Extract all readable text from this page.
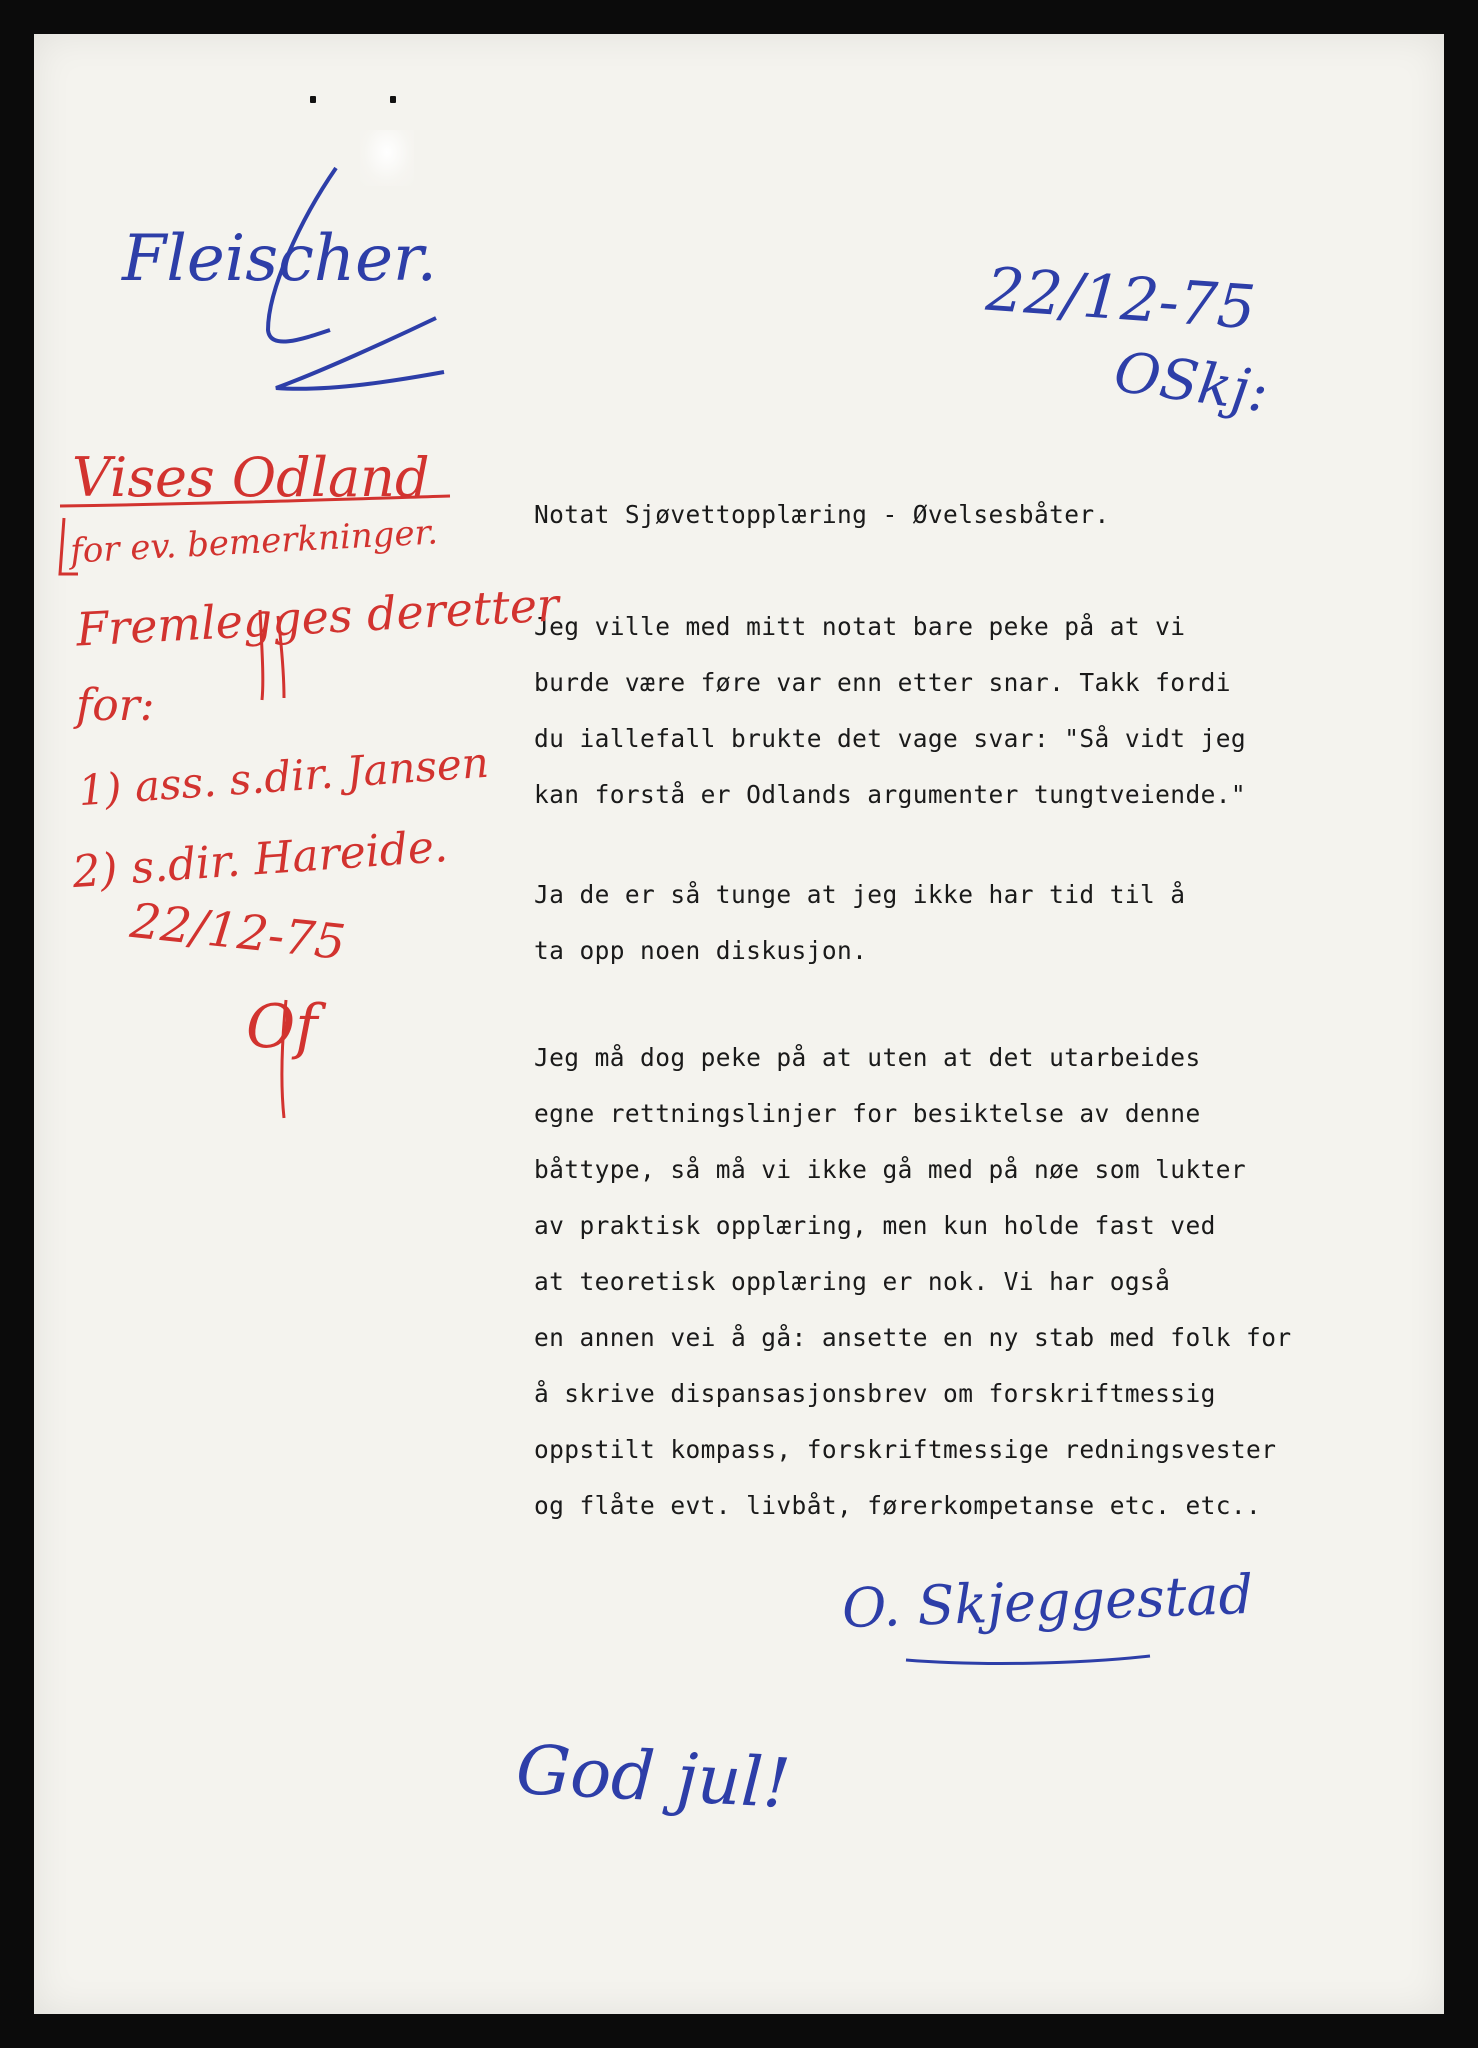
Notat Sjøvettopplæring - Øvelsesbåter.

Jeg ville med mitt notat bare peke på at vi

burde være føre var enn etter snar. Takk fordi

du iallefall brukte det vage svar: "Så vidt jeg

kan forstå er Odlands argumenter tungtveiende."

Ja de er så tunge at jeg ikke har tid til å

ta opp noen diskusjon.

Jeg må dog peke på at uten at det utarbeides

egne rettningslinjer for besiktelse av denne

båttype, så må vi ikke gå med på nøe som lukter

av praktisk opplæring, men kun holde fast ved

at teoretisk opplæring er nok. Vi har også

en annen vei å gå: ansette en ny stab med folk for

å skrive dispansasjonsbrev om forskriftmessig

oppstilt kompass, forskriftmessige redningsvester

og flåte evt. livbåt, førerkompetanse etc. etc..

Fleischer.	22/12-75
OSkj:
O. Skjeggestad
God jul!
Vises Odland
for ev. bemerkninger.
Fremlegges deretter
for:
1) ass. s.dir. Jansen
2) s.dir. Hareide.
22/12-75
Of
